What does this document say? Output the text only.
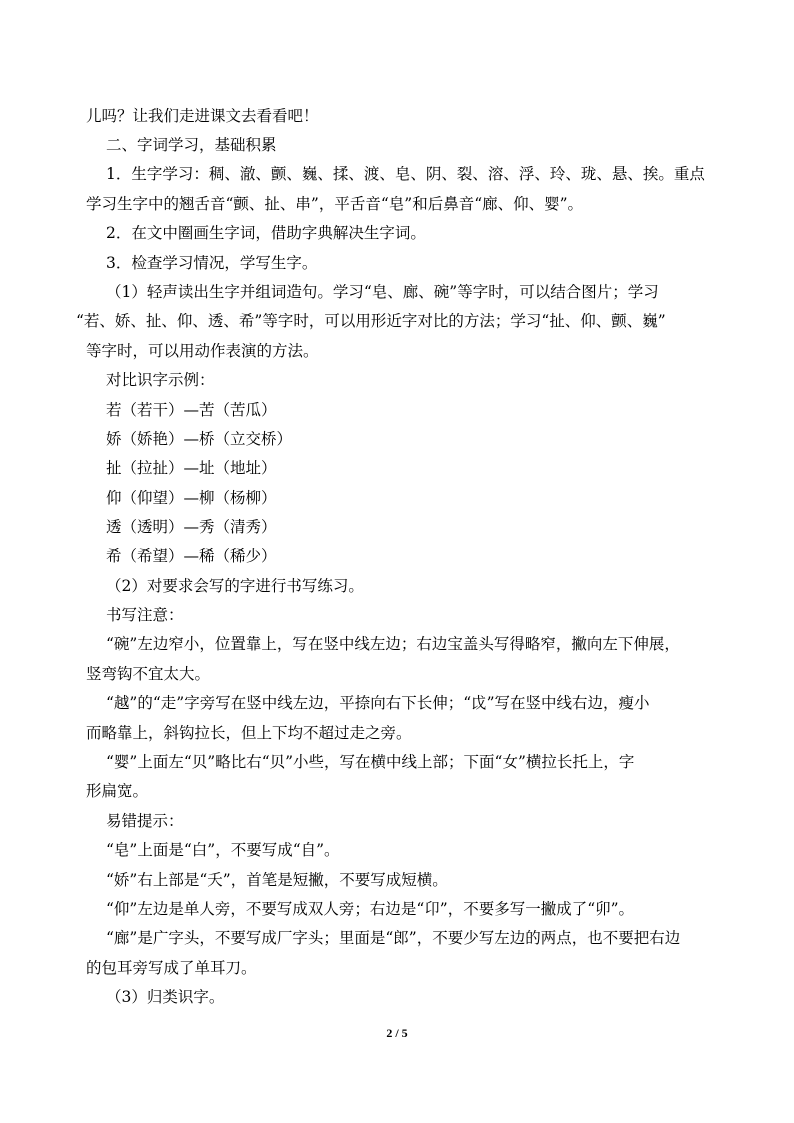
儿吗？让我们走进课文去看看吧！
二、字词学习，基础积累
1．生字学习：稠、澈、颤、巍、揉、渡、皂、阴、裂、溶、浮、玲、珑、悬、挨。重点
学习生字中的翘舌音“颤、扯、串”，平舌音“皂”和后鼻音“廊、仰、婴”。
2．在文中圈画生字词，借助字典解决生字词。
3．检查学习情况，学写生字。
（1）轻声读出生字并组词造句。学习“皂、廊、碗”等字时，可以结合图片；学习
“若、娇、扯、仰、透、希”等字时，可以用形近字对比的方法；学习“扯、仰、颤、巍”
等字时，可以用动作表演的方法。
对比识字示例：
若（若干）—苦（苦瓜）
娇（娇艳）—桥（立交桥）
扯（拉扯）—址（地址）
仰（仰望）—柳（杨柳）
透（透明）—秀（清秀）
希（希望）—稀（稀少）
（2）对要求会写的字进行书写练习。
书写注意：
“碗”左边窄小，位置靠上，写在竖中线左边；右边宝盖头写得略窄，撇向左下伸展，
竖弯钩不宜太大。
“越”的“走”字旁写在竖中线左边，平捺向右下长伸；“戉”写在竖中线右边，瘦小
而略靠上，斜钩拉长，但上下均不超过走之旁。
“婴”上面左“贝”略比右“贝”小些，写在横中线上部；下面“女”横拉长托上，字
形扁宽。
易错提示：
“皂”上面是“白”，不要写成“自”。
“娇”右上部是“夭”，首笔是短撇，不要写成短横。
“仰”左边是单人旁，不要写成双人旁；右边是“卬”，不要多写一撇成了“卯”。
“廊”是广字头，不要写成厂字头；里面是“郎”，不要少写左边的两点，也不要把右边
的包耳旁写成了单耳刀。
（3）归类识字。
2 / 5
